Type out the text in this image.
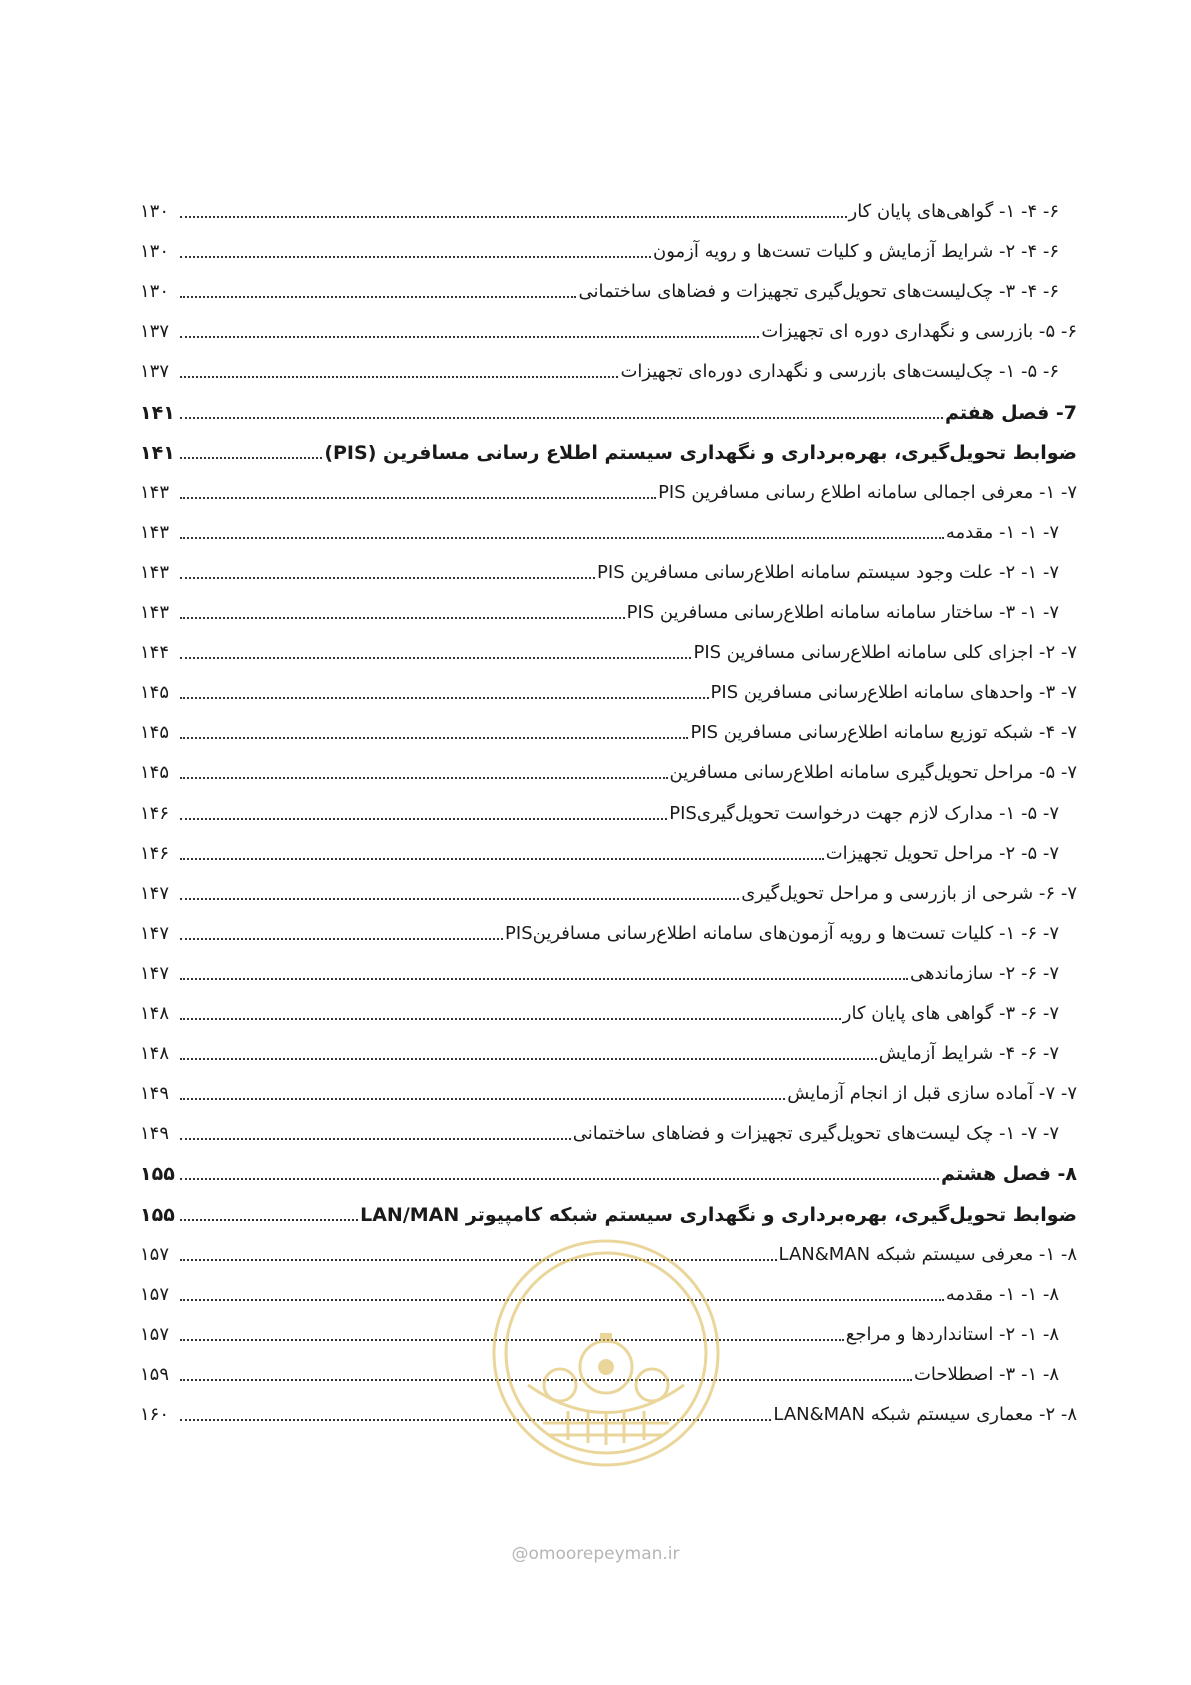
۶- ۴- ۱- گواهی‌های پایان کار
۱۳۰
۶- ۴- ۲- شرایط آزمایش و کلیات تست‌ها و رویه آزمون
۱۳۰
۶- ۴- ۳- چک‌لیست‌های تحویل‌گیری تجهیزات و فضاهای ساختمانی
۱۳۰
۶- ۵- بازرسی و نگهداری دوره ای تجهیزات
۱۳۷
۶- ۵- ۱- چک‌لیست‌های بازرسی و نگهداری دوره‌ای تجهیزات
۱۳۷
7- فصل هفتم
۱۴۱
ضوابط تحویل‌گیری، بهره‌برداری و نگهداری سیستم اطلاع رسانی مسافرین (PIS)
۱۴۱
۷- ۱- معرفی اجمالی سامانه اطلاع رسانی مسافرین PIS
۱۴۳
۷- ۱- ۱- مقدمه
۱۴۳
۷- ۱- ۲- علت وجود سیستم سامانه اطلاع‌رسانی مسافرین PIS
۱۴۳
۷- ۱- ۳- ساختار سامانه سامانه اطلاع‌رسانی مسافرین PIS
۱۴۳
۷- ۲- اجزای کلی سامانه اطلاع‌رسانی مسافرین PIS
۱۴۴
۷- ۳- واحدهای سامانه اطلاع‌رسانی مسافرین PIS
۱۴۵
۷- ۴- شبکه توزیع سامانه اطلاع‌رسانی مسافرین PIS
۱۴۵
۷- ۵- مراحل تحویل‌گیری سامانه اطلاع‌رسانی مسافرین
۱۴۵
۷- ۵- ۱- مدارک لازم جهت درخواست تحویل‌گیریPIS
۱۴۶
۷- ۵- ۲- مراحل تحویل تجهیزات
۱۴۶
۷- ۶- شرحی از بازرسی و مراحل تحویل‌گیری
۱۴۷
۷- ۶- ۱- کلیات تست‌ها و رویه آزمون‌های سامانه اطلاع‌رسانی مسافرینPIS
۱۴۷
۷- ۶- ۲- سازماندهی
۱۴۷
۷- ۶- ۳- گواهی های پایان کار
۱۴۸
۷- ۶- ۴- شرایط آزمایش
۱۴۸
۷- ۷- آماده سازی قبل از انجام آزمایش
۱۴۹
۷- ۷- ۱- چک لیست‌های تحویل‌گیری تجهیزات و فضاهای ساختمانی
۱۴۹
۸- فصل هشتم
۱۵۵
ضوابط تحویل‌گیری، بهره‌برداری و نگهداری سیستم شبکه کامپیوتر LAN/MAN
۱۵۵
۸- ۱- معرفی سیستم شبکه LAN&MAN
۱۵۷
۸- ۱- ۱- مقدمه
۱۵۷
۸- ۱- ۲- استانداردها و مراجع
۱۵۷
۸- ۱- ۳- اصطلاحات
۱۵۹
۸- ۲- معماری سیستم شبکه LAN&MAN
۱۶۰
@omoorepeyman.ir
